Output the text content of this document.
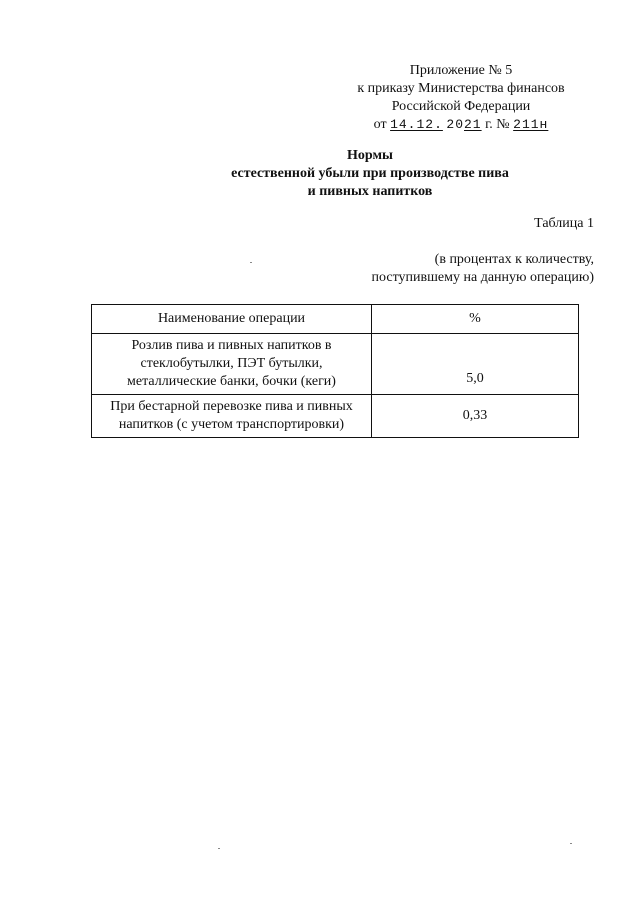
Приложение № 5
к приказу Министерства финансов
Российской Федерации
от 14.12. 2021 г. № 211н
Нормы
естественной убыли при производстве пива
и пивных напитков
Таблица 1
(в процентах к количеству,
поступившему на данную операцию)
Наименование операции	%

Розлив пива и пивных напитков в
стеклобутылки, ПЭТ бутылки,
металлические банки, бочки (кеги)	5,0

При бестарной перевозке пива и пивных
напитков (с учетом транспортировки)	0,33
